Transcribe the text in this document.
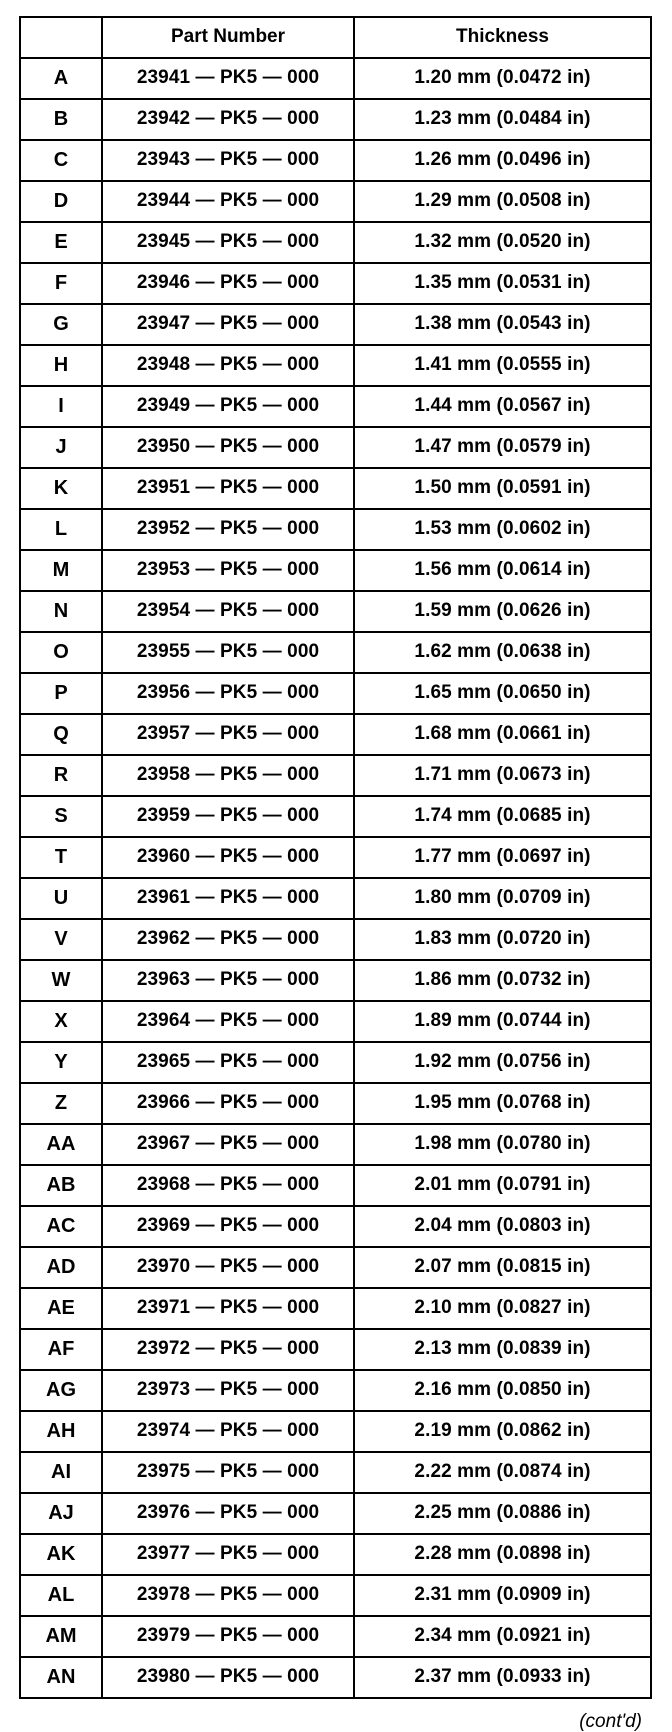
	Part Number	Thickness
A	23941 — PK5 — 000	1.20 mm (0.0472 in)
B	23942 — PK5 — 000	1.23 mm (0.0484 in)
C	23943 — PK5 — 000	1.26 mm (0.0496 in)
D	23944 — PK5 — 000	1.29 mm (0.0508 in)
E	23945 — PK5 — 000	1.32 mm (0.0520 in)
F	23946 — PK5 — 000	1.35 mm (0.0531 in)
G	23947 — PK5 — 000	1.38 mm (0.0543 in)
H	23948 — PK5 — 000	1.41 mm (0.0555 in)
I	23949 — PK5 — 000	1.44 mm (0.0567 in)
J	23950 — PK5 — 000	1.47 mm (0.0579 in)
K	23951 — PK5 — 000	1.50 mm (0.0591 in)
L	23952 — PK5 — 000	1.53 mm (0.0602 in)
M	23953 — PK5 — 000	1.56 mm (0.0614 in)
N	23954 — PK5 — 000	1.59 mm (0.0626 in)
O	23955 — PK5 — 000	1.62 mm (0.0638 in)
P	23956 — PK5 — 000	1.65 mm (0.0650 in)
Q	23957 — PK5 — 000	1.68 mm (0.0661 in)
R	23958 — PK5 — 000	1.71 mm (0.0673 in)
S	23959 — PK5 — 000	1.74 mm (0.0685 in)
T	23960 — PK5 — 000	1.77 mm (0.0697 in)
U	23961 — PK5 — 000	1.80 mm (0.0709 in)
V	23962 — PK5 — 000	1.83 mm (0.0720 in)
W	23963 — PK5 — 000	1.86 mm (0.0732 in)
X	23964 — PK5 — 000	1.89 mm (0.0744 in)
Y	23965 — PK5 — 000	1.92 mm (0.0756 in)
Z	23966 — PK5 — 000	1.95 mm (0.0768 in)
AA	23967 — PK5 — 000	1.98 mm (0.0780 in)
AB	23968 — PK5 — 000	2.01 mm (0.0791 in)
AC	23969 — PK5 — 000	2.04 mm (0.0803 in)
AD	23970 — PK5 — 000	2.07 mm (0.0815 in)
AE	23971 — PK5 — 000	2.10 mm (0.0827 in)
AF	23972 — PK5 — 000	2.13 mm (0.0839 in)
AG	23973 — PK5 — 000	2.16 mm (0.0850 in)
AH	23974 — PK5 — 000	2.19 mm (0.0862 in)
AI	23975 — PK5 — 000	2.22 mm (0.0874 in)
AJ	23976 — PK5 — 000	2.25 mm (0.0886 in)
AK	23977 — PK5 — 000	2.28 mm (0.0898 in)
AL	23978 — PK5 — 000	2.31 mm (0.0909 in)
AM	23979 — PK5 — 000	2.34 mm (0.0921 in)
AN	23980 — PK5 — 000	2.37 mm (0.0933 in)
(cont'd)
